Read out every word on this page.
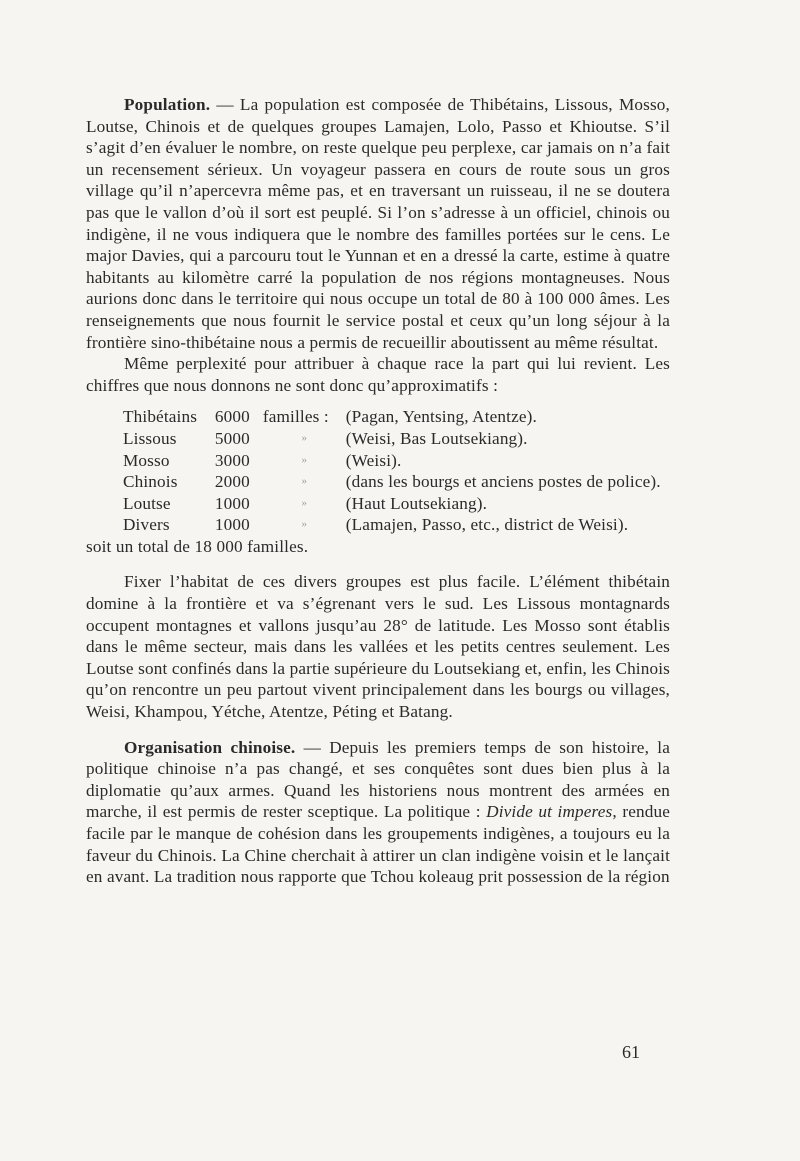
Population. — La population est composée de Thibétains, Lissous, Mosso, Loutse, Chinois et de quelques groupes Lamajen, Lolo, Passo et Khioutse. S’il s’agit d’en évaluer le nombre, on reste quelque peu perplexe, car jamais on n’a fait un recensement sérieux. Un voyageur passera en cours de route sous un gros village qu’il n’apercevra même pas, et en traversant un ruisseau, il ne se doutera pas que le vallon d’où il sort est peuplé. Si l’on s’adresse à un officiel, chinois ou indigène, il ne vous indiquera que le nombre des familles portées sur le cens. Le major Davies, qui a parcouru tout le Yunnan et en a dressé la carte, estime à quatre habitants au kilomètre carré la population de nos régions montagneuses. Nous aurions donc dans le territoire qui nous occupe un total de 80 à 100 000 âmes. Les renseignements que nous fournit le service postal et ceux qu’un long séjour à la frontière sino-thibétaine nous a permis de recueillir aboutissent au même résultat.

Même perplexité pour attribuer à chaque race la part qui lui revient. Les chiffres que nous donnons ne sont donc qu’approximatifs :

Thibétains	6000	familles :	(Pagan, Yentsing, Atentze).
Lissous	5000	»	(Weisi, Bas Loutsekiang).
Mosso	3000	»	(Weisi).
Chinois	2000	»	(dans les bourgs et anciens postes de police).
Loutse	1000	»	(Haut Loutsekiang).
Divers	1000	»	(Lamajen, Passo, etc., district de Weisi).

soit un total de 18 000 familles.

Fixer l’habitat de ces divers groupes est plus facile. L’élément thibétain domine à la frontière et va s’égrenant vers le sud. Les Lissous montagnards occupent montagnes et vallons jusqu’au 28° de latitude. Les Mosso sont établis dans le même secteur, mais dans les vallées et les petits centres seulement. Les Loutse sont confinés dans la partie supérieure du Loutsekiang et, enfin, les Chinois qu’on rencontre un peu partout vivent principalement dans les bourgs ou villages, Weisi, Khampou, Yétche, Atentze, Péting et Batang.

Organisation chinoise. — Depuis les premiers temps de son histoire, la politique chinoise n’a pas changé, et ses conquêtes sont dues bien plus à la diplomatie qu’aux armes. Quand les historiens nous montrent des armées en marche, il est permis de rester sceptique. La politique : Divide ut imperes, rendue facile par le manque de cohésion dans les groupements indigènes, a toujours eu la faveur du Chinois. La Chine cherchait à attirer un clan indigène voisin et le lançait en avant. La tradition nous rapporte que Tchou koleaug prit possession de la région

61
